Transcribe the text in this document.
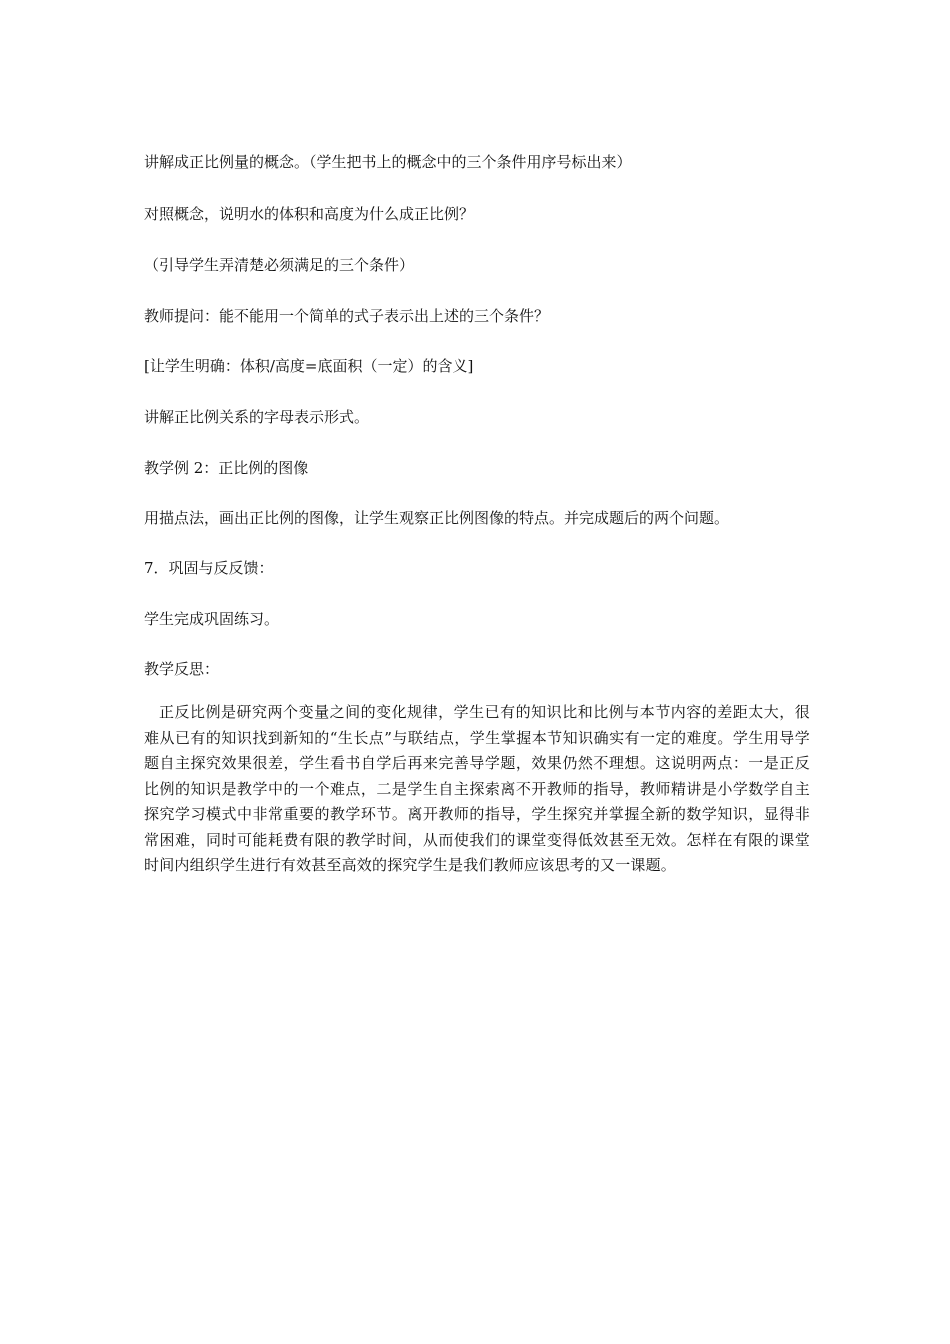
讲解成正比例量的概念。（学生把书上的概念中的三个条件用序号标出来）
对照概念，说明水的体积和高度为什么成正比例？
（引导学生弄清楚必须满足的三个条件）
教师提问：能不能用一个简单的式子表示出上述的三个条件？
[让学生明确：体积/高度=底面积（一定）的含义]
讲解正比例关系的字母表示形式。
教学例 2：正比例的图像
用描点法，画出正比例的图像，让学生观察正比例图像的特点。并完成题后的两个问题。
7．巩固与反反馈：
学生完成巩固练习。
教学反思：
正反比例是研究两个变量之间的变化规律，学生已有的知识比和比例与本节内容的差距太大，很难从已有的知识找到新知的“生长点”与联结点，学生掌握本节知识确实有一定的难度。学生用导学题自主探究效果很差，学生看书自学后再来完善导学题，效果仍然不理想。这说明两点：一是正反比例的知识是教学中的一个难点，二是学生自主探索离不开教师的指导，教师精讲是小学数学自主探究学习模式中非常重要的教学环节。离开教师的指导，学生探究并掌握全新的数学知识，显得非常困难，同时可能耗费有限的教学时间，从而使我们的课堂变得低效甚至无效。怎样在有限的课堂时间内组织学生进行有效甚至高效的探究学生是我们教师应该思考的又一课题。
